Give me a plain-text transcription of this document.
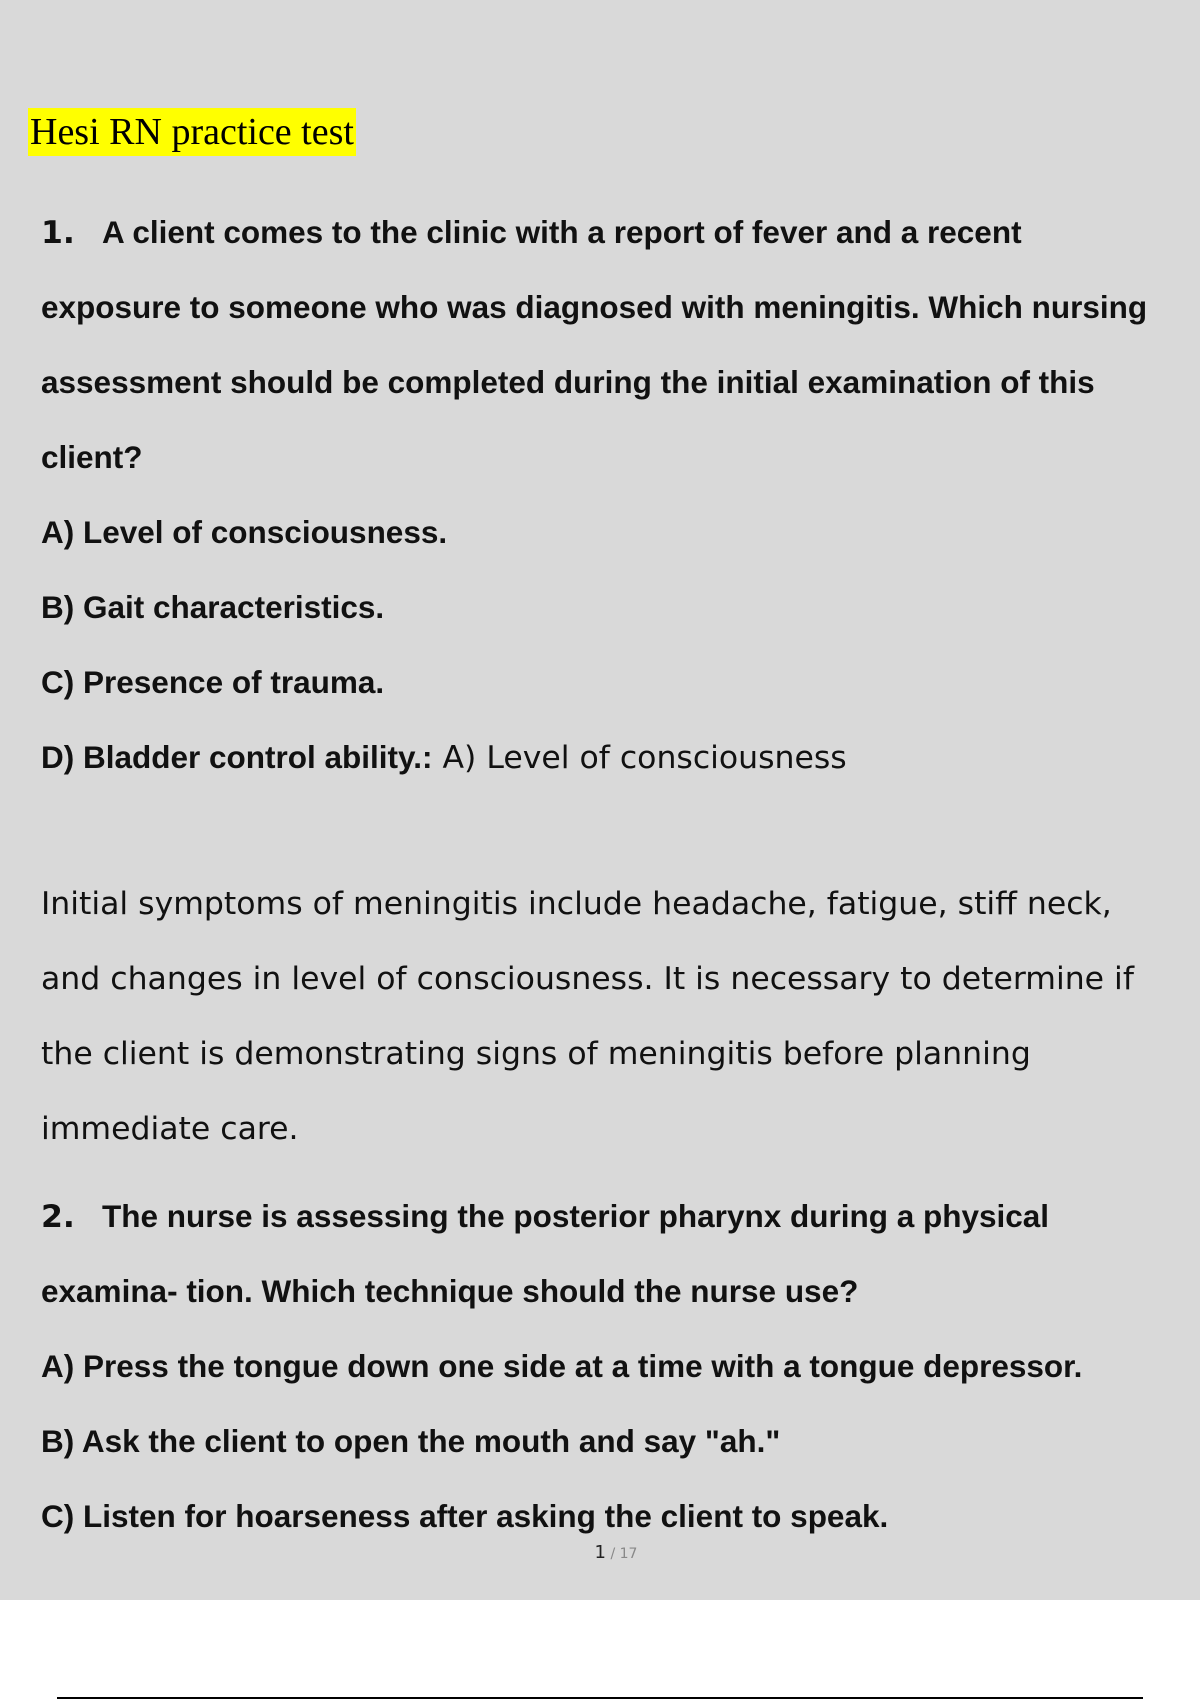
Hesi RN practice test
1. A client comes to the clinic with a report of fever and a recent
exposure to someone who was diagnosed with meningitis. Which nursing
assessment should be completed during the initial examination of this
client?
A) Level of consciousness.
B) Gait characteristics.
C) Presence of trauma.
D) Bladder control ability.: A) Level of consciousness
Initial symptoms of meningitis include headache, fatigue, stiff neck,
and changes in level of consciousness. It is necessary to determine if
the client is demonstrating signs of meningitis before planning
immediate care.
2. The nurse is assessing the posterior pharynx during a physical
examina- tion. Which technique should the nurse use?
A) Press the tongue down one side at a time with a tongue depressor.
B) Ask the client to open the mouth and say "ah."
C) Listen for hoarseness after asking the client to speak.
1 / 17
